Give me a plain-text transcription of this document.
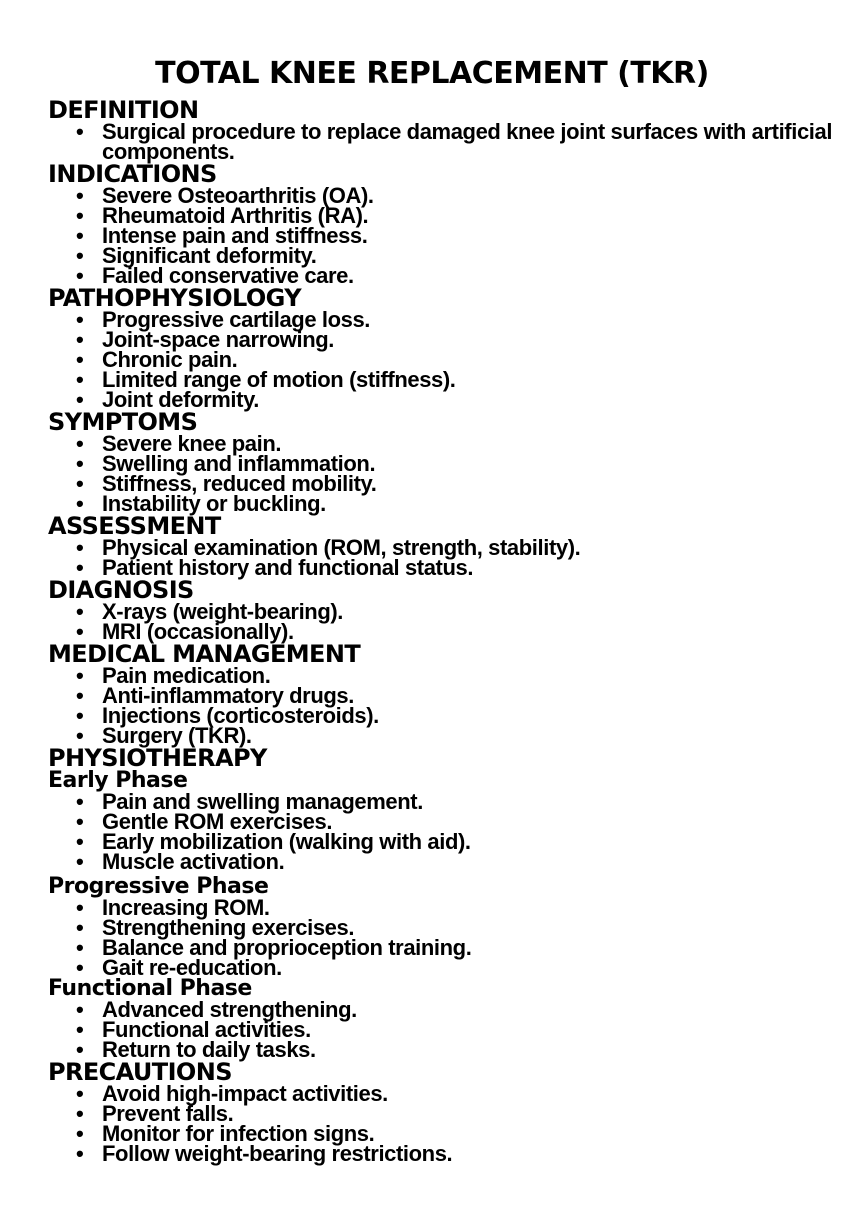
TOTAL KNEE REPLACEMENT (TKR)
DEFINITION
• Surgical procedure to replace damaged knee joint surfaces with artificial components.
INDICATIONS
• Severe Osteoarthritis (OA).
• Rheumatoid Arthritis (RA).
• Intense pain and stiffness.
• Significant deformity.
• Failed conservative care.
PATHOPHYSIOLOGY
• Progressive cartilage loss.
• Joint-space narrowing.
• Chronic pain.
• Limited range of motion (stiffness).
• Joint deformity.
SYMPTOMS
• Severe knee pain.
• Swelling and inflammation.
• Stiffness, reduced mobility.
• Instability or buckling.
ASSESSMENT
• Physical examination (ROM, strength, stability).
• Patient history and functional status.
DIAGNOSIS
• X-rays (weight-bearing).
• MRI (occasionally).
MEDICAL MANAGEMENT
• Pain medication.
• Anti-inflammatory drugs.
• Injections (corticosteroids).
• Surgery (TKR).
PHYSIOTHERAPY
Early Phase
• Pain and swelling management.
• Gentle ROM exercises.
• Early mobilization (walking with aid).
• Muscle activation.
Progressive Phase
• Increasing ROM.
• Strengthening exercises.
• Balance and proprioception training.
• Gait re-education.
Functional Phase
• Advanced strengthening.
• Functional activities.
• Return to daily tasks.
PRECAUTIONS
• Avoid high-impact activities.
• Prevent falls.
• Monitor for infection signs.
• Follow weight-bearing restrictions.
